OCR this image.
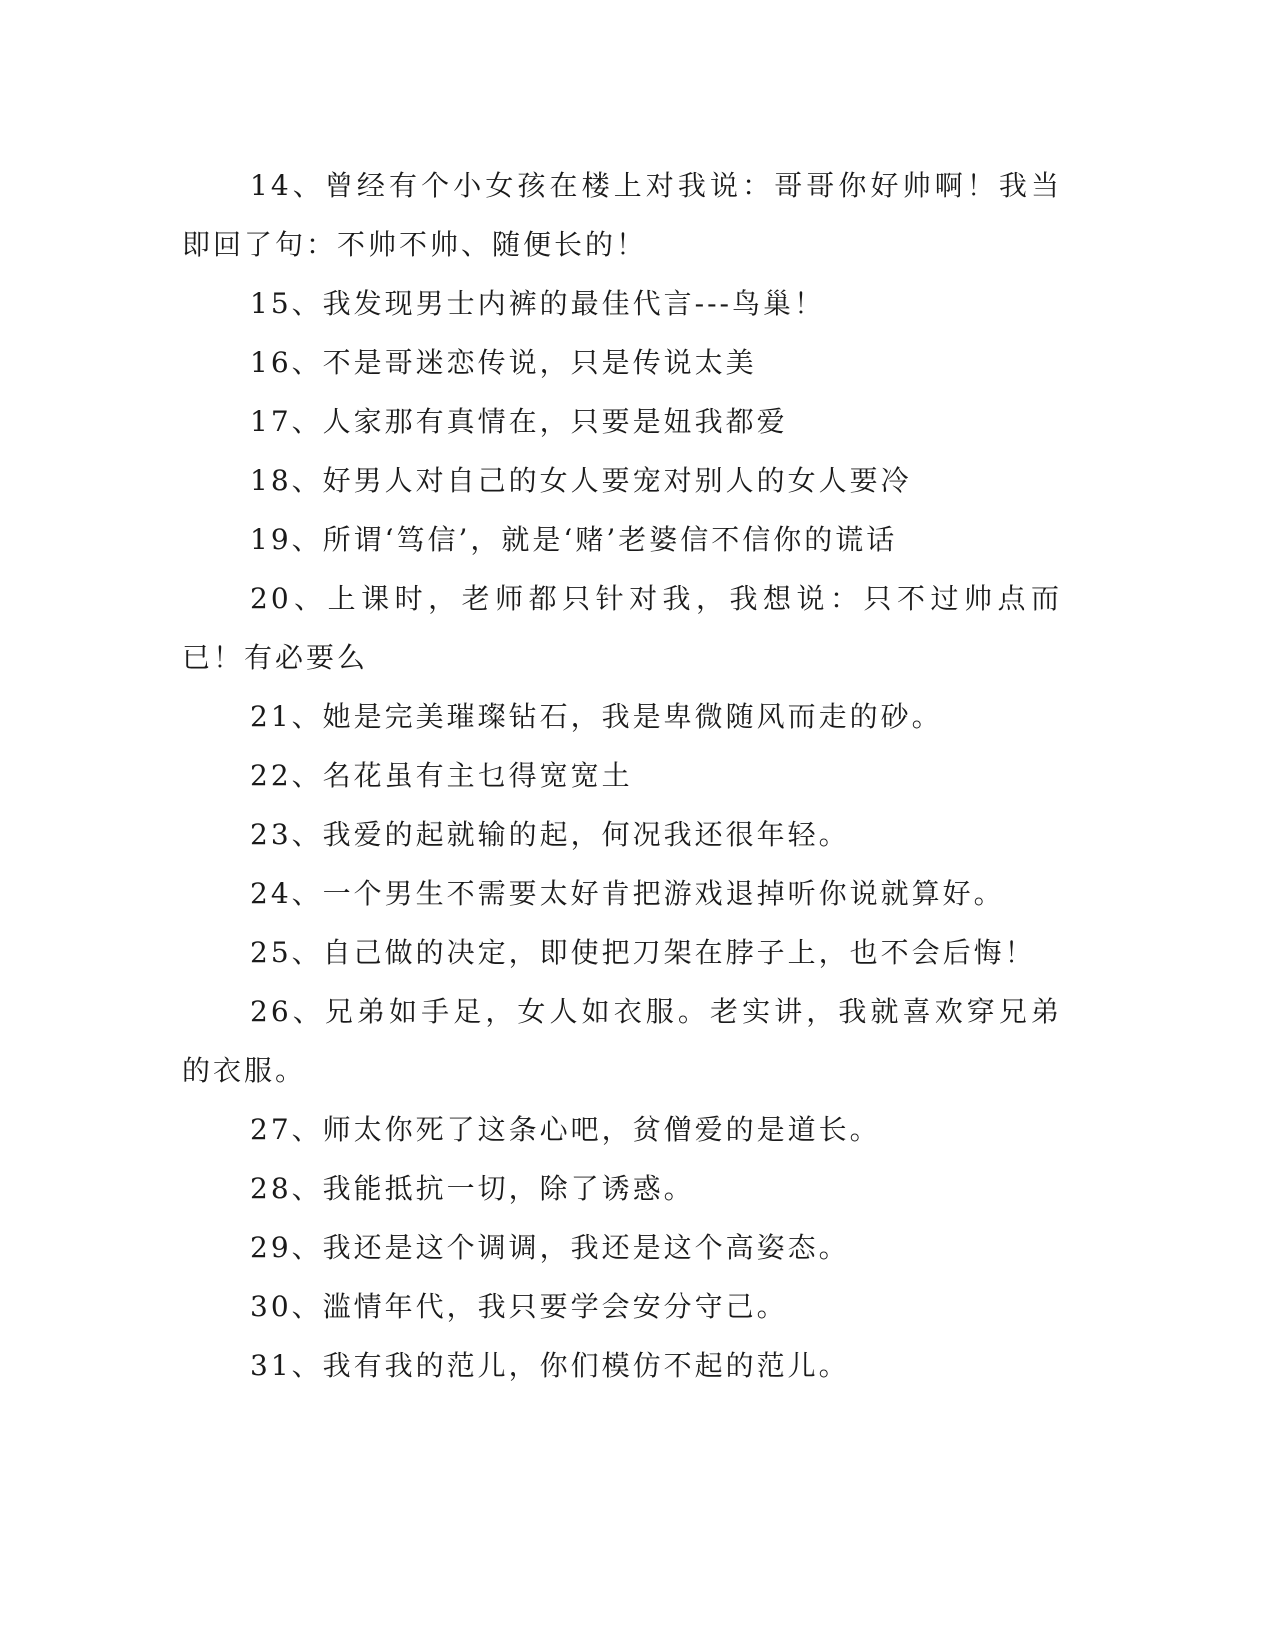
14、曾经有个小女孩在楼上对我说：哥哥你好帅啊！我当即回了句：不帅不帅、随便长的！

15、我发现男士内裤的最佳代言---鸟巢！

16、不是哥迷恋传说，只是传说太美

17、人家那有真情在，只要是妞我都爱

18、好男人对自己的女人要宠对别人的女人要冷

19、所谓‘笃信’，就是‘赌’老婆信不信你的谎话

20、上课时，老师都只针对我，我想说：只不过帅点而已！有必要么

21、她是完美璀璨钻石，我是卑微随风而走的砂。

22、名花虽有主乜得宽宽土

23、我爱的起就输的起，何况我还很年轻。

24、一个男生不需要太好肯把游戏退掉听你说就算好。

25、自己做的决定，即使把刀架在脖子上，也不会后悔！

26、兄弟如手足，女人如衣服。老实讲，我就喜欢穿兄弟的衣服。

27、师太你死了这条心吧，贫僧爱的是道长。

28、我能抵抗一切，除了诱惑。

29、我还是这个调调，我还是这个高姿态。

30、滥情年代，我只要学会安分守己。

31、我有我的范儿，你们模仿不起的范儿。
